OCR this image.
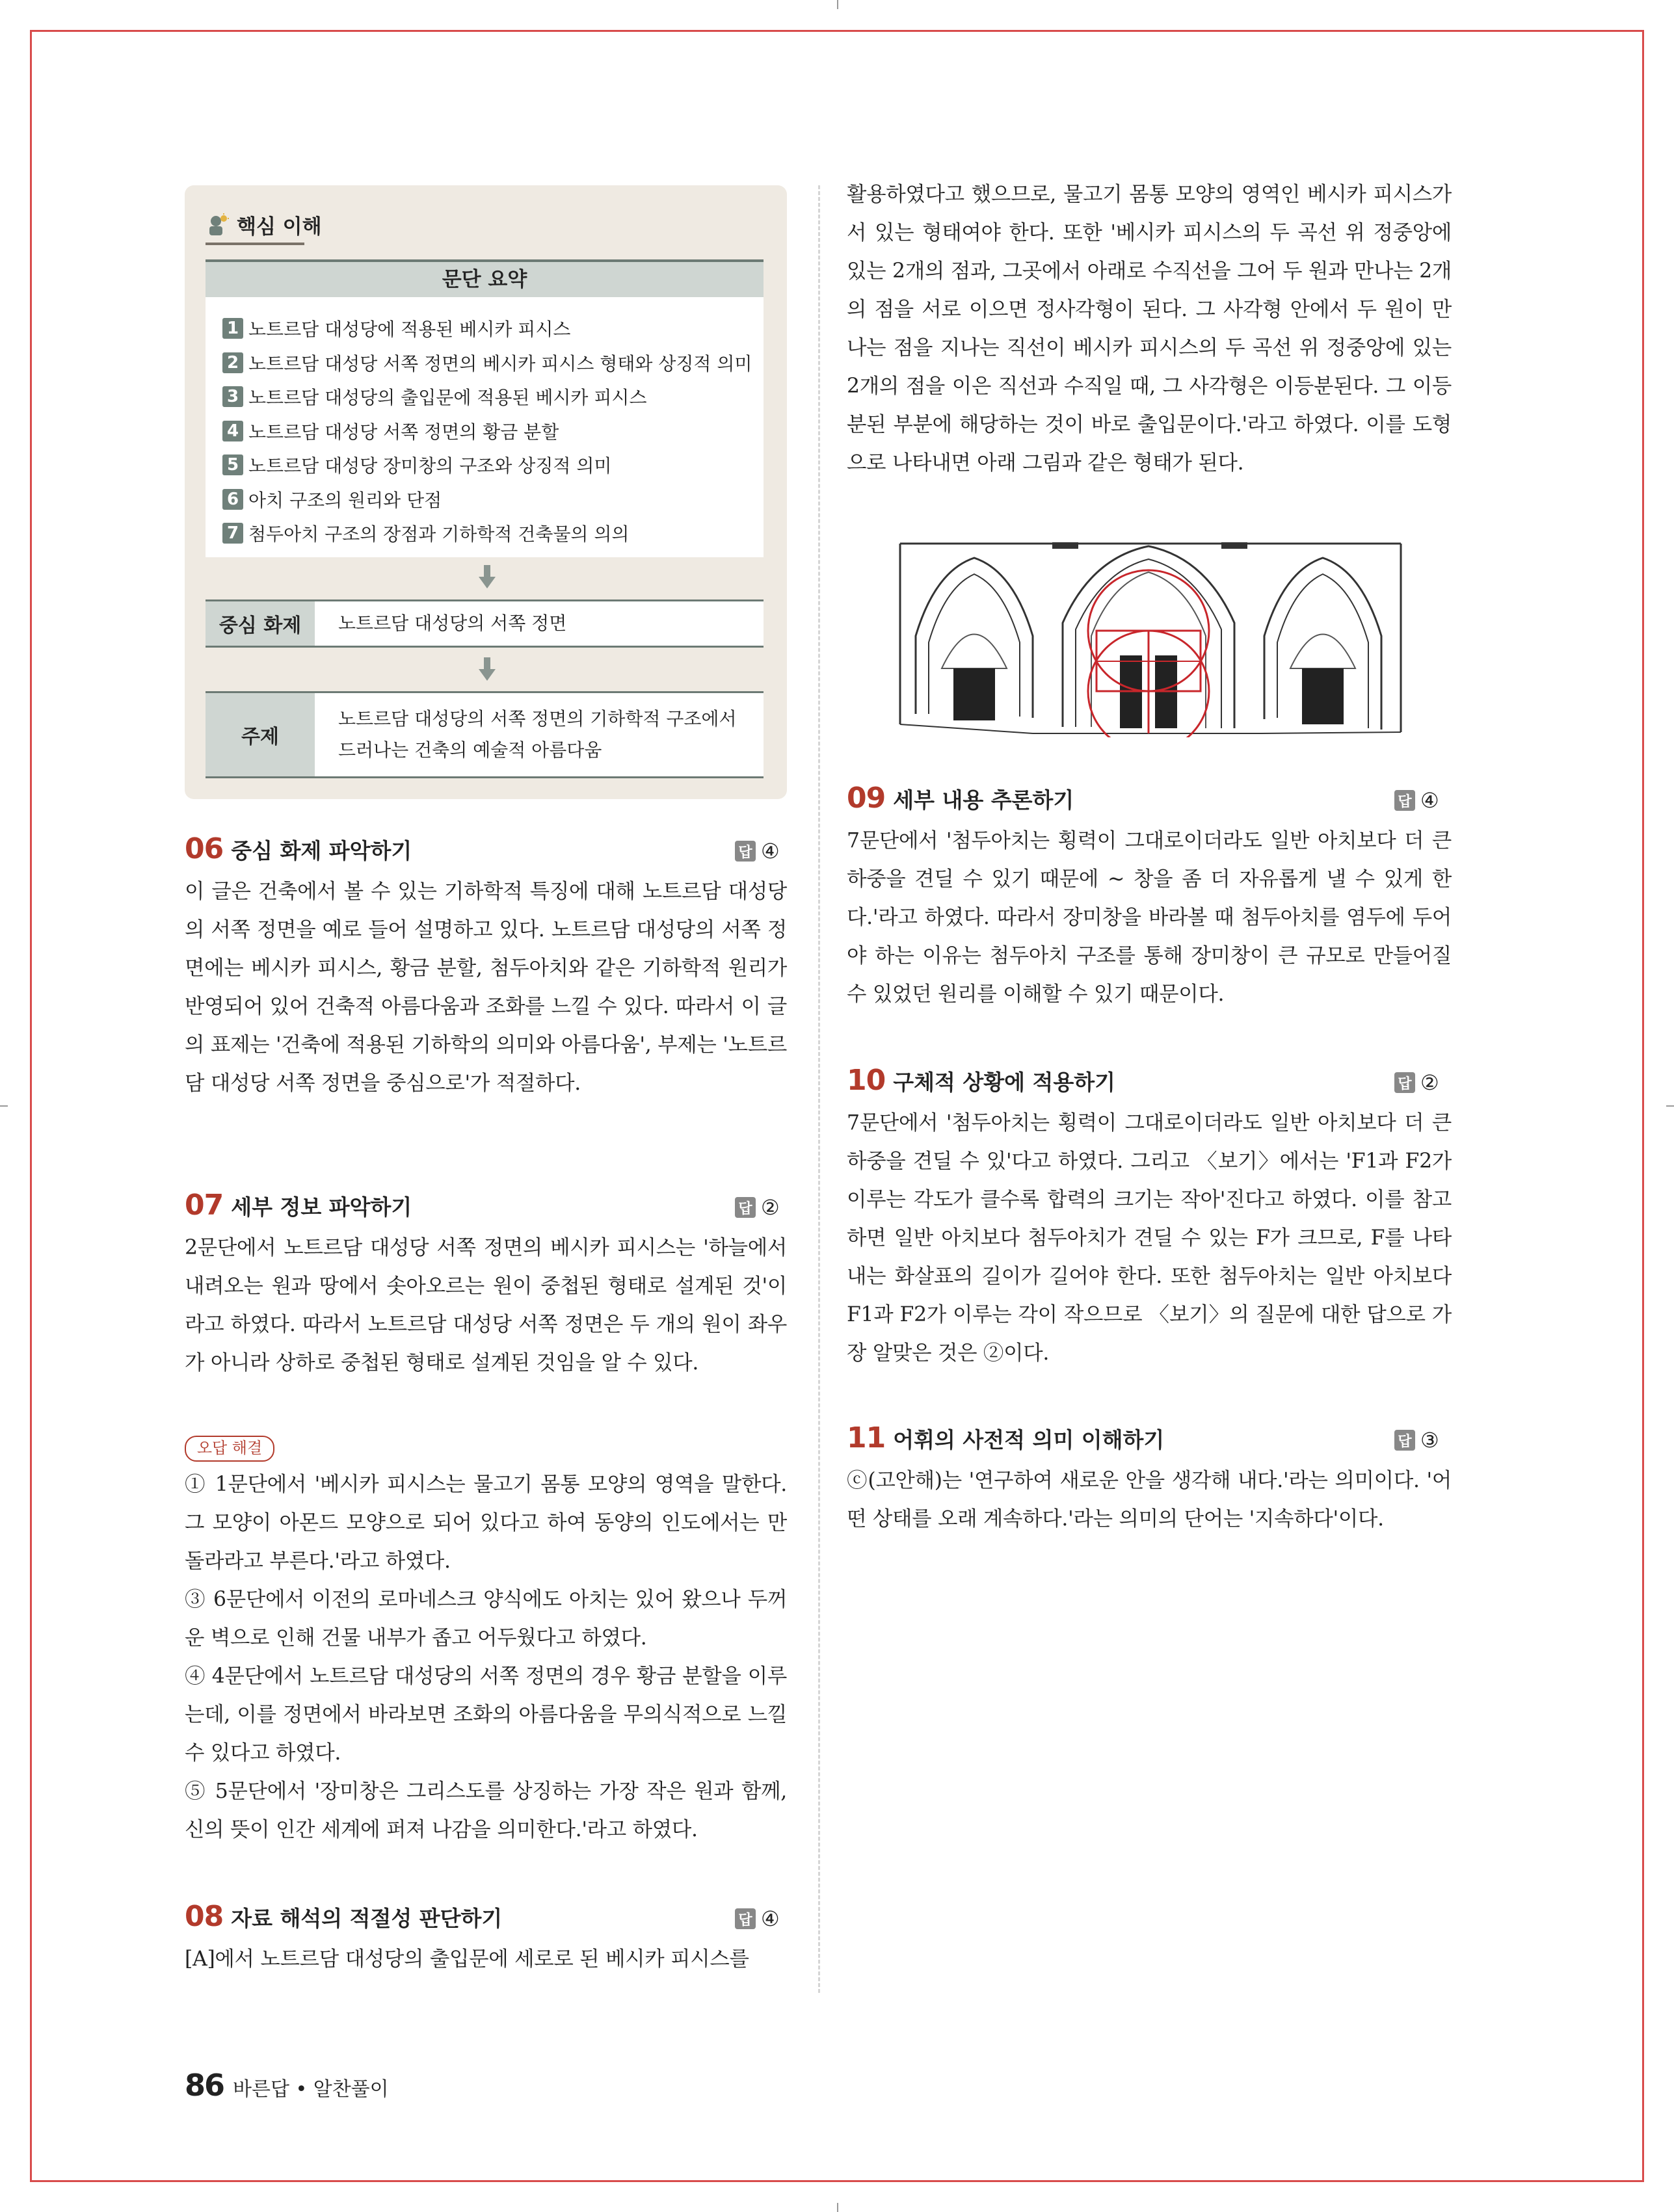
핵심 이해
문단 요약
1 노트르담 대성당에 적용된 베시카 피시스
2 노트르담 대성당 서쪽 정면의 베시카 피시스 형태와 상징적 의미
3 노트르담 대성당의 출입문에 적용된 베시카 피시스
4 노트르담 대성당 서쪽 정면의 황금 분할
5 노트르담 대성당 장미창의 구조와 상징적 의미
6 아치 구조의 원리와 단점
7 첨두아치 구조의 장점과 기하학적 건축물의 의의
중심 화제	노트르담 대성당의 서쪽 정면
주제
노트르담 대성당의 서쪽 정면의 기하학적 구조에서 드러나는 건축의 예술적 아름다움
06 중심 화제 파악하기	답 ④

이 글은 건축에서 볼 수 있는 기하학적 특징에 대해 노트르담 대성당의 서쪽 정면을 예로 들어 설명하고 있다. 노트르담 대성당의 서쪽 정면에는 베시카 피시스, 황금 분할, 첨두아치와 같은 기하학적 원리가 반영되어 있어 건축적 아름다움과 조화를 느낄 수 있다. 따라서 이 글의 표제는 '건축에 적용된 기하학의 의미와 아름다움', 부제는 '노트르담 대성당 서쪽 정면을 중심으로'가 적절하다.

07 세부 정보 파악하기	답 ②

2문단에서 노트르담 대성당 서쪽 정면의 베시카 피시스는 '하늘에서 내려오는 원과 땅에서 솟아오르는 원이 중첩된 형태로 설계된 것'이라고 하였다. 따라서 노트르담 대성당 서쪽 정면은 두 개의 원이 좌우가 아니라 상하로 중첩된 형태로 설계된 것임을 알 수 있다.

오답 해결

① 1문단에서 '베시카 피시스는 물고기 몸통 모양의 영역을 말한다. 그 모양이 아몬드 모양으로 되어 있다고 하여 동양의 인도에서는 만돌라라고 부른다.'라고 하였다.

③ 6문단에서 이전의 로마네스크 양식에도 아치는 있어 왔으나 두꺼운 벽으로 인해 건물 내부가 좁고 어두웠다고 하였다.

④ 4문단에서 노트르담 대성당의 서쪽 정면의 경우 황금 분할을 이루는데, 이를 정면에서 바라보면 조화의 아름다움을 무의식적으로 느낄 수 있다고 하였다.

⑤ 5문단에서 '장미창은 그리스도를 상징하는 가장 작은 원과 함께, 신의 뜻이 인간 세계에 퍼져 나감을 의미한다.'라고 하였다.

08 자료 해석의 적절성 판단하기	답 ④

[A]에서 노트르담 대성당의 출입문에 세로로 된 베시카 피시스를

활용하였다고 했으므로, 물고기 몸통 모양의 영역인 베시카 피시스가 서 있는 형태여야 한다. 또한 '베시카 피시스의 두 곡선 위 정중앙에 있는 2개의 점과, 그곳에서 아래로 수직선을 그어 두 원과 만나는 2개의 점을 서로 이으면 정사각형이 된다. 그 사각형 안에서 두 원이 만나는 점을 지나는 직선이 베시카 피시스의 두 곡선 위 정중앙에 있는 2개의 점을 이은 직선과 수직일 때, 그 사각형은 이등분된다. 그 이등분된 부분에 해당하는 것이 바로 출입문이다.'라고 하였다. 이를 도형으로 나타내면 아래 그림과 같은 형태가 된다.

09 세부 내용 추론하기	답 ④

7문단에서 '첨두아치는 횡력이 그대로이더라도 일반 아치보다 더 큰 하중을 견딜 수 있기 때문에 ~ 창을 좀 더 자유롭게 낼 수 있게 한다.'라고 하였다. 따라서 장미창을 바라볼 때 첨두아치를 염두에 두어야 하는 이유는 첨두아치 구조를 통해 장미창이 큰 규모로 만들어질 수 있었던 원리를 이해할 수 있기 때문이다.

10 구체적 상황에 적용하기	답 ②

7문단에서 '첨두아치는 횡력이 그대로이더라도 일반 아치보다 더 큰 하중을 견딜 수 있'다고 하였다. 그리고 〈보기〉에서는 'F1과 F2가 이루는 각도가 클수록 합력의 크기는 작아'진다고 하였다. 이를 참고하면 일반 아치보다 첨두아치가 견딜 수 있는 F가 크므로, F를 나타내는 화살표의 길이가 길어야 한다. 또한 첨두아치는 일반 아치보다 F1과 F2가 이루는 각이 작으므로 〈보기〉의 질문에 대한 답으로 가장 알맞은 것은 ②이다.

11 어휘의 사전적 의미 이해하기	답 ③

ⓒ(고안해)는 '연구하여 새로운 안을 생각해 내다.'라는 의미이다. '어떤 상태를 오래 계속하다.'라는 의미의 단어는 '지속하다'이다.

86 바른답 • 알찬풀이
